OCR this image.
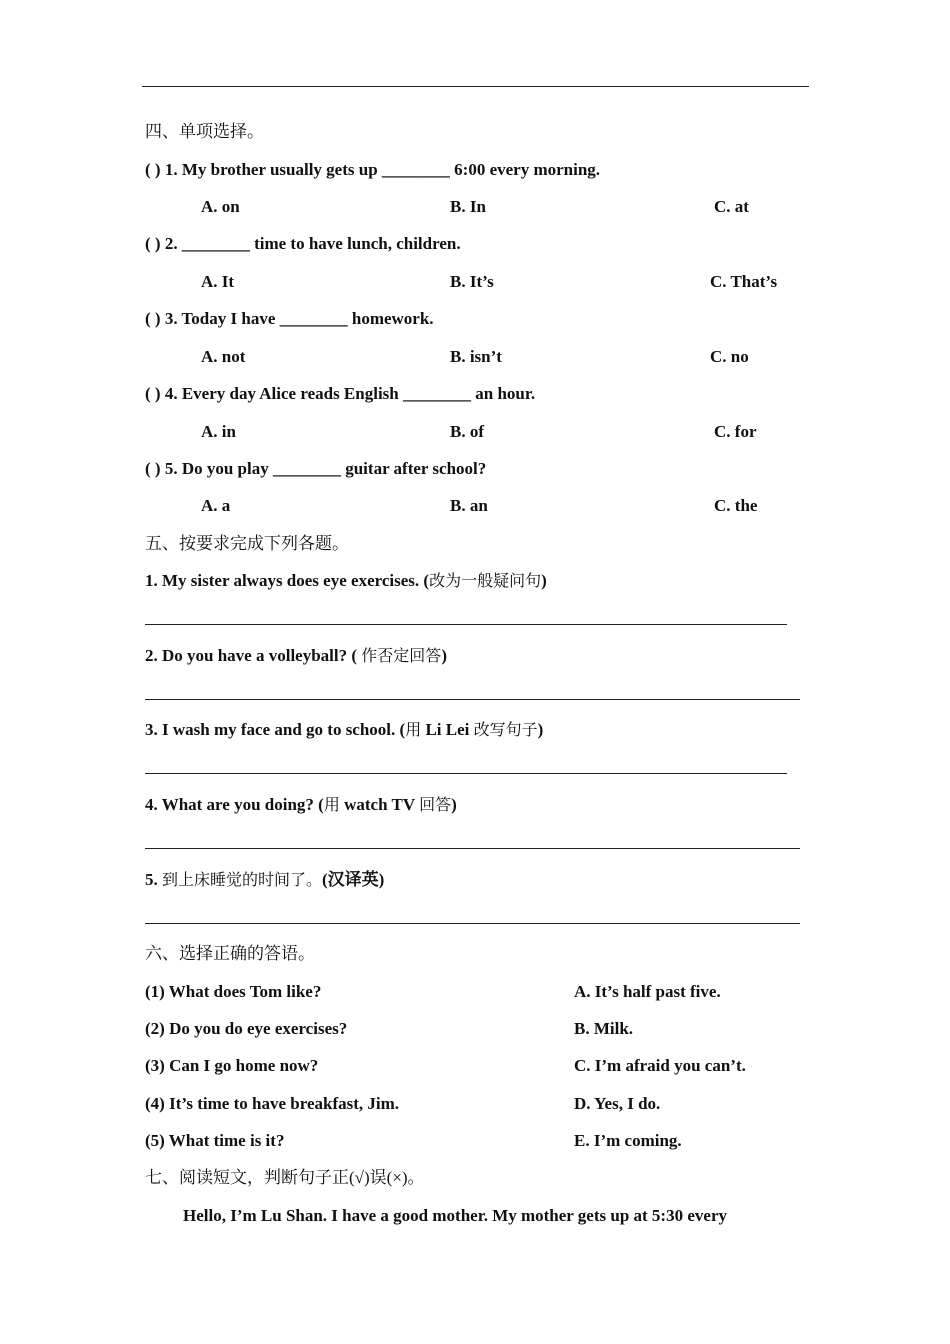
四、单项选择。
( ) 1. My brother usually gets up ________ 6:00 every morning.
A. on	B. In	C. at
( ) 2. ________ time to have lunch, children.
A. It	B. It’s	C. That’s
( ) 3. Today I have ________ homework.
A. not	B. isn’t	C. no
( ) 4. Every day Alice reads English ________ an hour.
A. in	B. of	C. for
( ) 5. Do you play ________ guitar after school?
A. a	B. an	C. the
五、按要求完成下列各题。
1. My sister always does eye exercises. (改为一般疑问句)
2. Do you have a volleyball? ( 作否定回答)
3. I wash my face and go to school. (用 Li Lei 改写句子)
4. What are you doing? (用 watch TV 回答)
5. 到上床睡觉的时间了。(汉译英)
六、选择正确的答语。
(1) What does Tom like?	A. It’s half past five.
(2) Do you do eye exercises?	B. Milk.
(3) Can I go home now?	C. I’m afraid you can’t.
(4) It’s time to have breakfast, Jim.	D. Yes, I do.
(5) What time is it?	E. I’m coming.
七、阅读短文，判断句子正(√)误(×)。
Hello, I’m Lu Shan. I have a good mother. My mother gets up at 5:30 every
